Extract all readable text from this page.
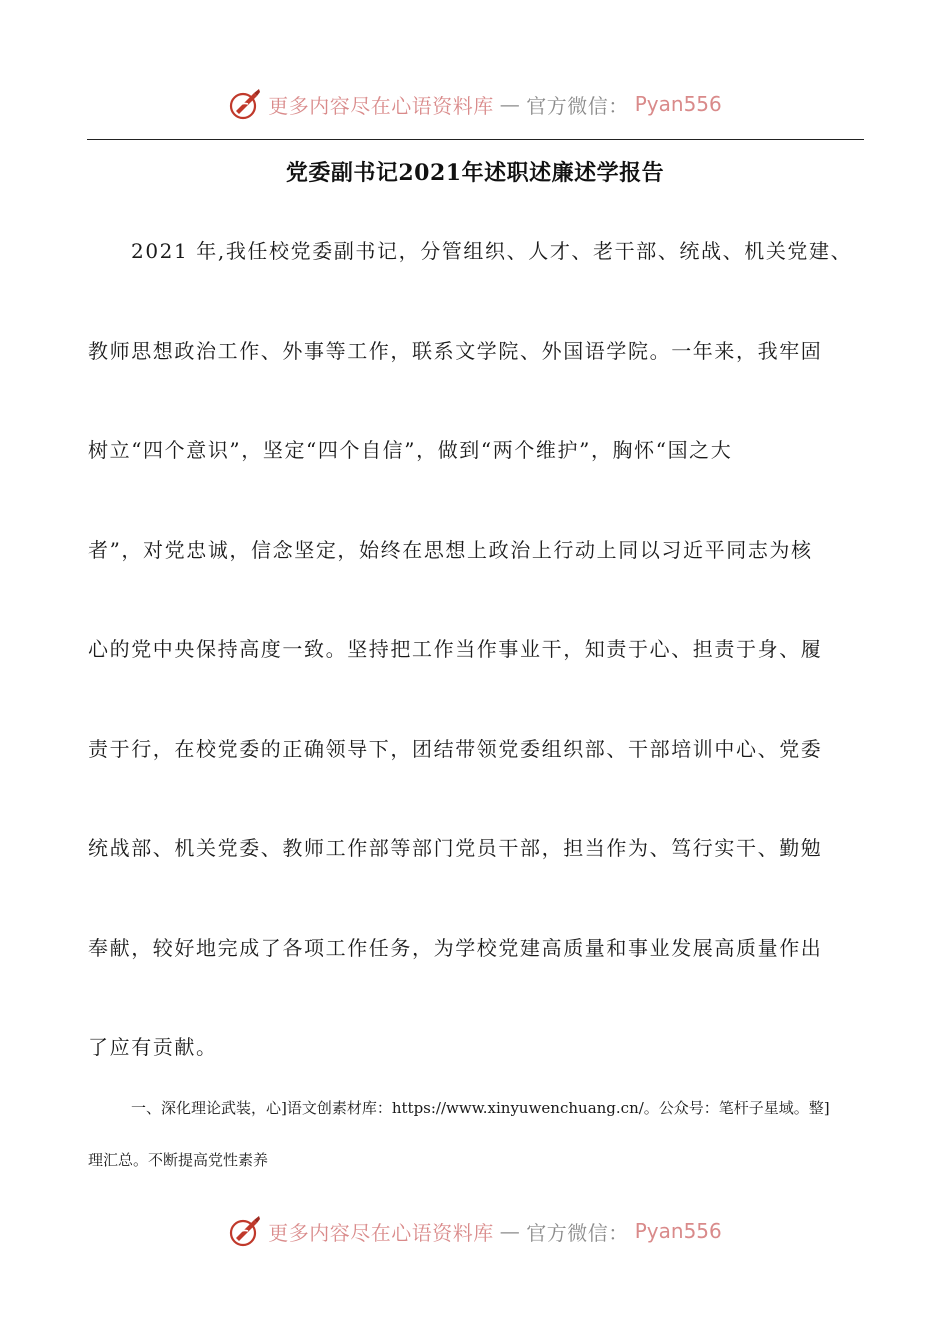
更多内容尽在心语资料库 — 官方微信： Pyan556
党委副书记2021年述职述廉述学报告
2021 年,我任校党委副书记，分管组织、人才、老干部、统战、机关党建、
教师思想政治工作、外事等工作，联系文学院、外国语学院。一年来，我牢固
树立“四个意识”，坚定“四个自信”，做到“两个维护”，胸怀“国之大
者”，对党忠诚，信念坚定，始终在思想上政治上行动上同以习近平同志为核
心的党中央保持高度一致。坚持把工作当作事业干，知责于心、担责于身、履
责于行，在校党委的正确领导下，团结带领党委组织部、干部培训中心、党委
统战部、机关党委、教师工作部等部门党员干部，担当作为、笃行实干、勤勉
奉献，较好地完成了各项工作任务，为学校党建高质量和事业发展高质量作出
了应有贡献。
一、深化理论武装，心]语文创素材库：https://www.xinyuwenchuang.cn/。公众号：笔杆子星域。整]
理汇总。不断提高党性素养
更多内容尽在心语资料库 — 官方微信： Pyan556
